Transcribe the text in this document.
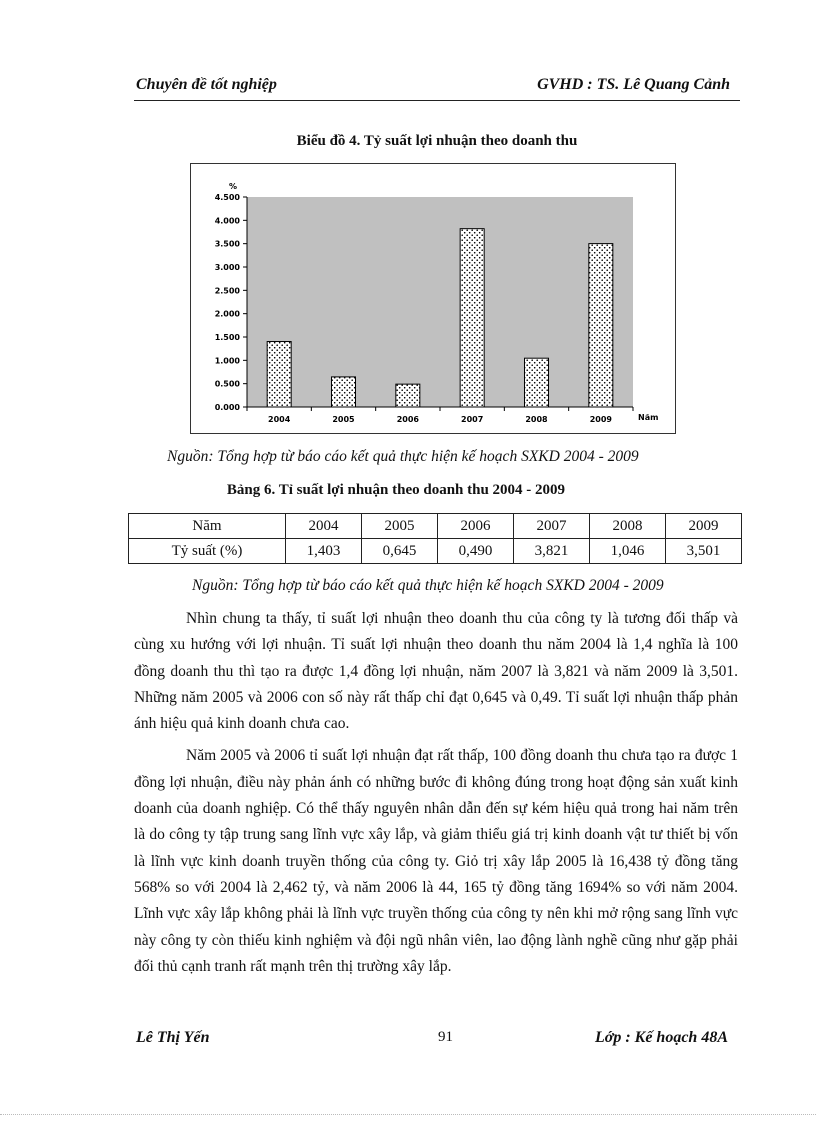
Chuyên đề tốt nghiệp	GVHD : TS. Lê Quang Cảnh
Biểu đồ 4. Tỷ suất lợi nhuận theo doanh thu
0.000
0.500
1.000
1.500
2.000
2.500
3.000
3.500
4.000
4.500
%
2004	2005	2006	2007	2008	2009	Năm
Nguồn: Tổng hợp từ báo cáo kết quả thực hiện kế hoạch SXKD 2004 - 2009
Bảng 6. Tỉ suất lợi nhuận theo doanh thu 2004 - 2009
Năm	2004	2005	2006	2007	2008	2009
Tỷ suất (%)	1,403	0,645	0,490	3,821	1,046	3,501
Nguồn: Tổng hợp từ báo cáo kết quả thực hiện kế hoạch SXKD 2004 - 2009

Nhìn chung ta thấy, tỉ suất lợi nhuận theo doanh thu của công ty là tương đối thấp và cùng xu hướng với lợi nhuận. Tỉ suất lợi nhuận theo doanh thu năm 2004 là 1,4 nghĩa là 100 đồng doanh thu thì tạo ra được 1,4 đồng lợi nhuận, năm 2007 là 3,821 và năm 2009 là 3,501. Những năm 2005 và 2006 con số này rất thấp chỉ đạt 0,645 và 0,49. Tỉ suất lợi nhuận thấp phản ánh hiệu quả kinh doanh chưa cao.

Năm 2005 và 2006 tỉ suất lợi nhuận đạt rất thấp, 100 đồng doanh thu chưa tạo ra được 1 đồng lợi nhuận, điều này phản ánh có những bước đi không đúng trong hoạt động sản xuất kinh doanh của doanh nghiệp. Có thể thấy nguyên nhân dẫn đến sự kém hiệu quả trong hai năm trên là do công ty tập trung sang lĩnh vực xây lắp, và giảm thiểu giá trị kinh doanh vật tư thiết bị vốn là lĩnh vực kinh doanh truyền thống của công ty. Giỏ trị xây lắp 2005 là 16,438 tỷ đồng tăng 568% so với 2004 là 2,462 tỷ, và năm 2006 là 44, 165 tỷ đồng tăng 1694% so với năm 2004. Lĩnh vực xây lắp không phải là lĩnh vực truyền thống của công ty nên khi mở rộng sang lĩnh vực này công ty còn thiếu kinh nghiệm và đội ngũ nhân viên, lao động lành nghề cũng như gặp phải đối thủ cạnh tranh rất mạnh trên thị trường xây lắp.

Lê Thị Yến	91	Lớp : Kế hoạch 48A
